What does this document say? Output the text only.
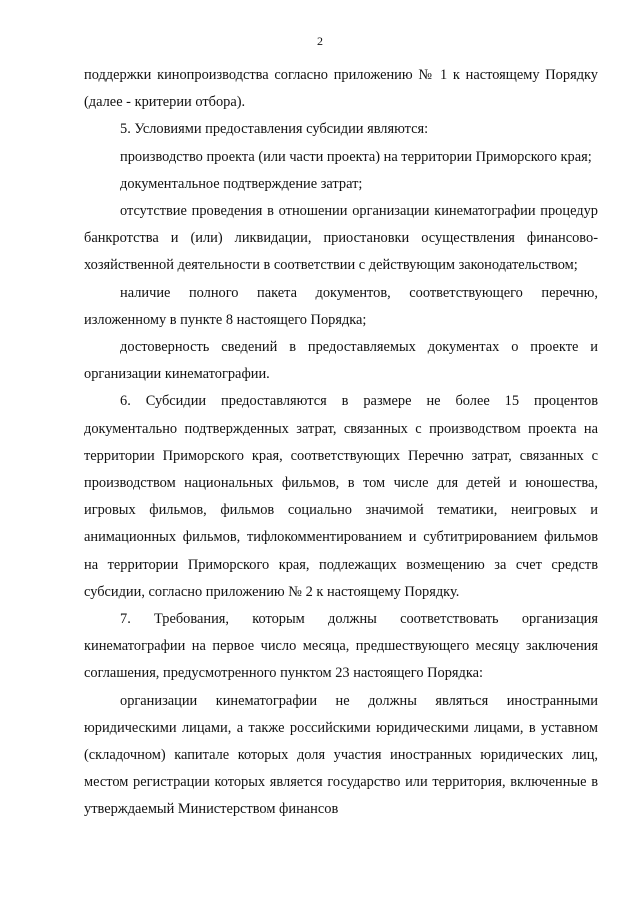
2

поддержки кинопроизводства согласно приложению № 1 к настоящему Порядку (далее - критерии отбора).

5. Условиями предоставления субсидии являются:

производство проекта (или части проекта) на территории Приморского края;

документальное подтверждение затрат;

отсутствие проведения в отношении организации кинематографии процедур банкротства и (или) ликвидации, приостановки осуществления финансово-хозяйственной деятельности в соответствии с действующим законодательством;

наличие полного пакета документов, соответствующего перечню, изложенному в пункте 8 настоящего Порядка;

достоверность сведений в предоставляемых документах о проекте и организации кинематографии.

6. Субсидии предоставляются в размере не более 15 процентов документально подтвержденных затрат, связанных с производством проекта на территории Приморского края, соответствующих Перечню затрат, связанных с производством национальных фильмов, в том числе для детей и юношества, игровых фильмов, фильмов социально значимой тематики, неигровых и анимационных фильмов, тифлокомментированием и субтитрированием фильмов на территории Приморского края, подлежащих возмещению за счет средств субсидии, согласно приложению № 2 к настоящему Порядку.

7. Требования, которым должны соответствовать организация кинематографии на первое число месяца, предшествующего месяцу заключения соглашения, предусмотренного пунктом 23 настоящего Порядка:

организации кинематографии не должны являться иностранными юридическими лицами, а также российскими юридическими лицами, в уставном (складочном) капитале которых доля участия иностранных юридических лиц, местом регистрации которых является государство или территория, включенные в утверждаемый Министерством финансов
